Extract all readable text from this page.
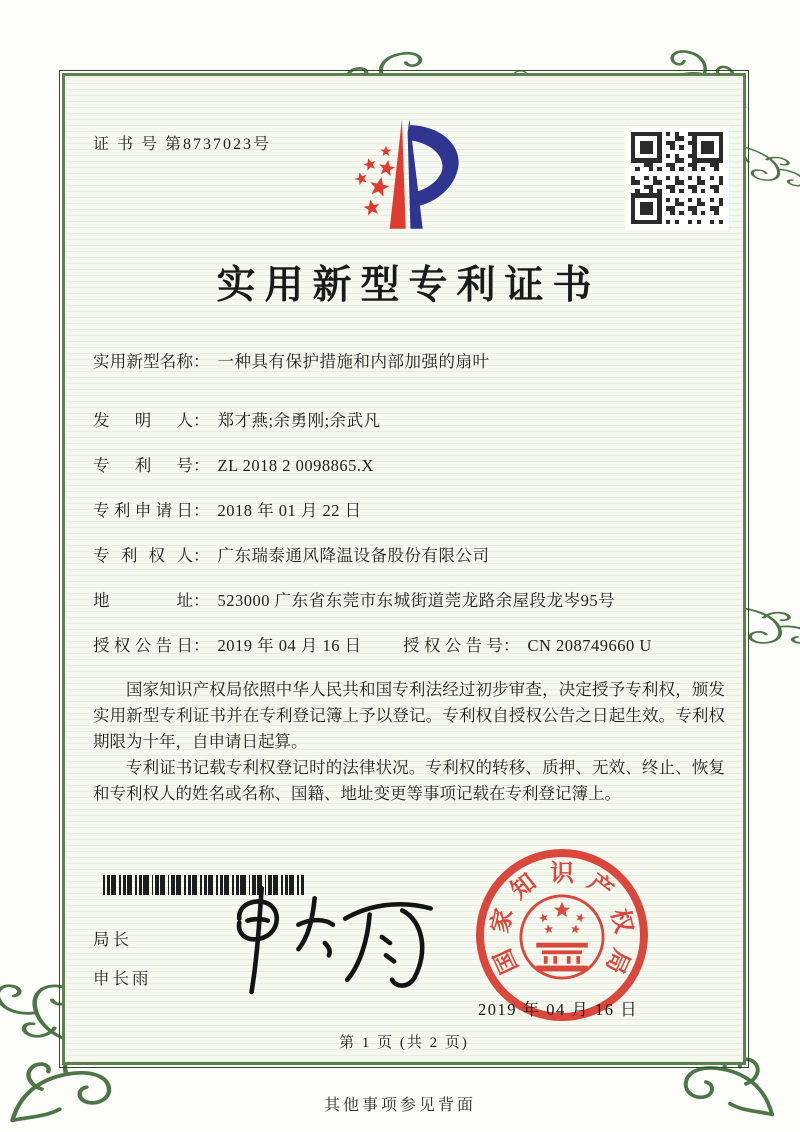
证 书 号 第8737023号
实用新型专利证书
实 用 新 型 名 称 ： 一种具有保护措施和内部加强的扇叶
发 明 人 ： 郑才燕;余勇刚;余武凡
专 利 号 ： ZL 2018 2 0098865.X
专 利 申 请 日 ： 2018 年 01 月 22 日
专 利 权 人 ： 广东瑞泰通风降温设备股份有限公司
地	址 ： 523000 广东省东莞市东城街道莞龙路余屋段龙岑95号
授 权 公 告 日 ： 2019 年 04 月 16 日	授 权 公 告 号 ： CN 208749660 U

国家知识产权局依照中华人民共和国专利法经过初步审查，决定授予专利权，颁发实用新型专利证书并在专利登记簿上予以登记。专利权自授权公告之日起生效。专利权期限为十年，自申请日起算。

专利证书记载专利权登记时的法律状况。专利权的转移、质押、无效、终止、恢复和专利权人的姓名或名称、国籍、地址变更等事项记载在专利登记簿上。

局长
申长雨
国
家
知 识 产
权
局
2019 年 04 月 16 日
第 1 页 (共 2 页)
其他事项参见背面
